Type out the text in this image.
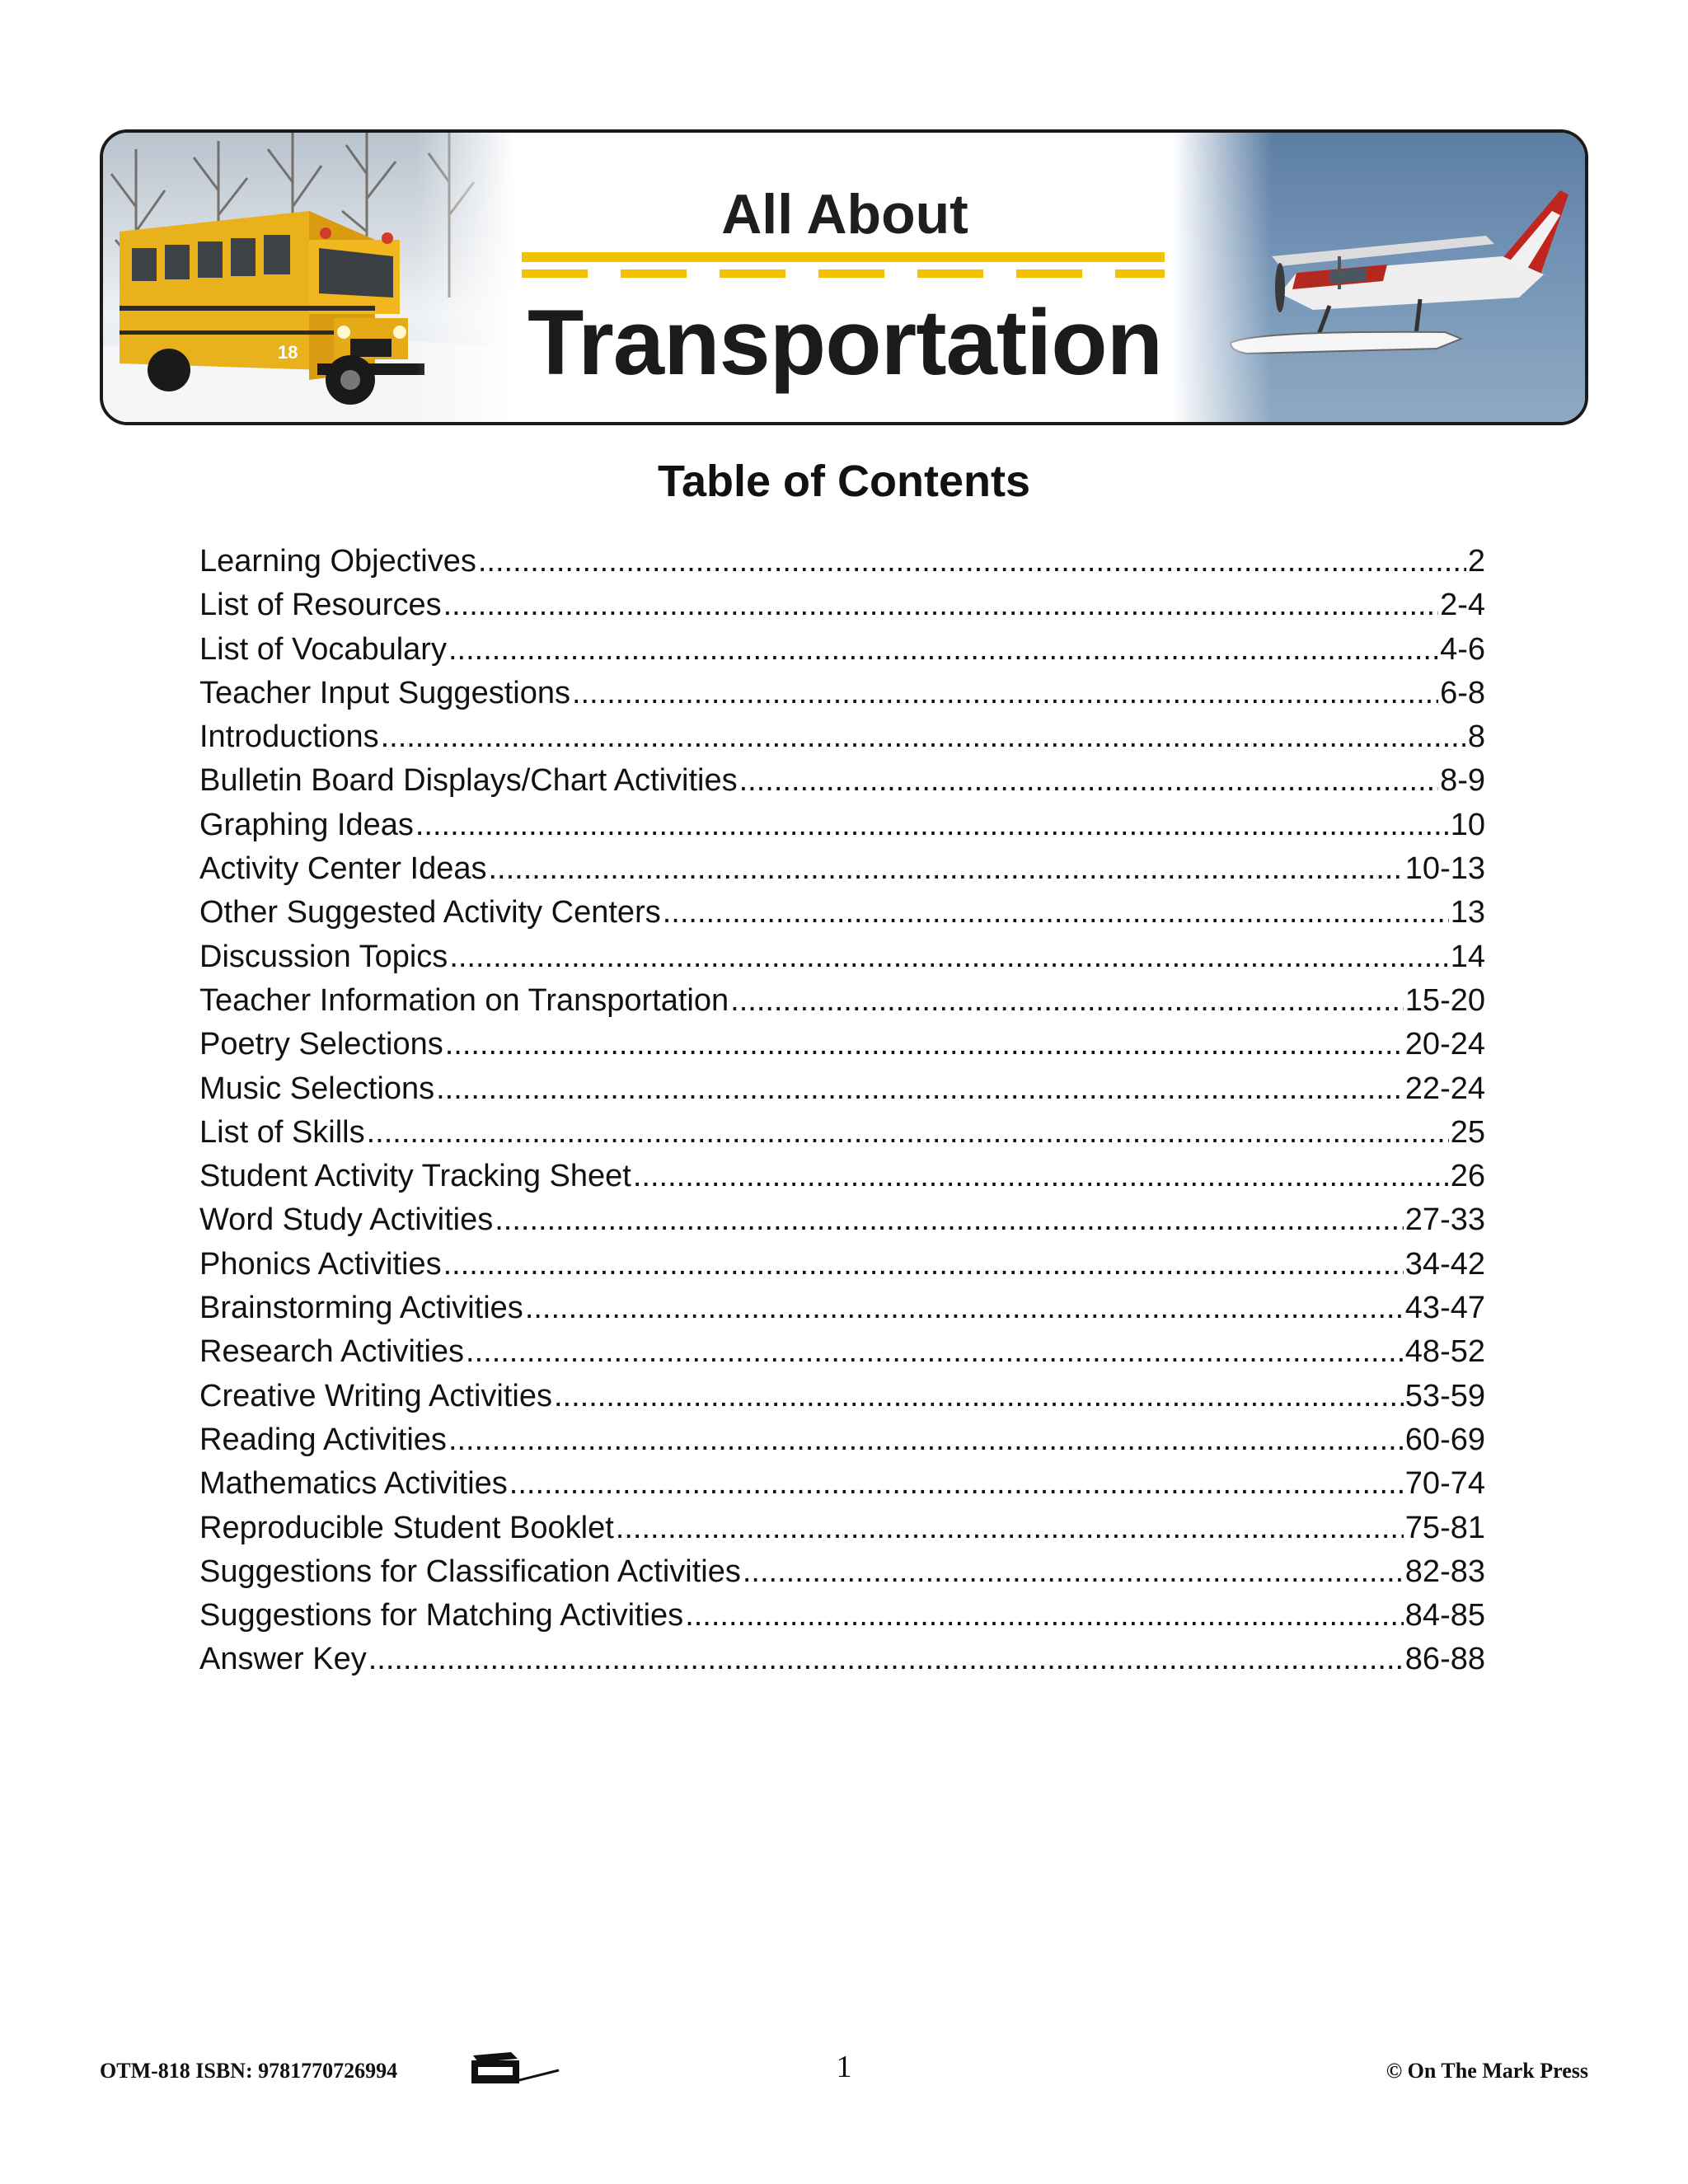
18
All About
Transportation
Table of Contents
Learning Objectives .....	2
List of Resources .....	2-4
List of Vocabulary .....	4-6
Teacher Input Suggestions .....	6-8
Introductions .....	8
Bulletin Board Displays/Chart Activities .....	8-9
Graphing Ideas .....	10
Activity Center Ideas .....	10-13
Other Suggested Activity Centers .....	13
Discussion Topics .....	14
Teacher Information on Transportation .....	15-20
Poetry Selections .....	20-24
Music Selections .....	22-24
List of Skills .....	25
Student Activity Tracking Sheet .....	26
Word Study Activities .....	27-33
Phonics Activities .....	34-42
Brainstorming Activities .....	43-47
Research Activities .....	48-52
Creative Writing Activities .....	53-59
Reading Activities .....	60-69
Mathematics Activities .....	70-74
Reproducible Student Booklet .....	75-81
Suggestions for Classification Activities .....	82-83
Suggestions for Matching Activities .....	84-85
Answer Key .....	86-88
OTM-818 ISBN: 9781770726994	1	© On The Mark Press
